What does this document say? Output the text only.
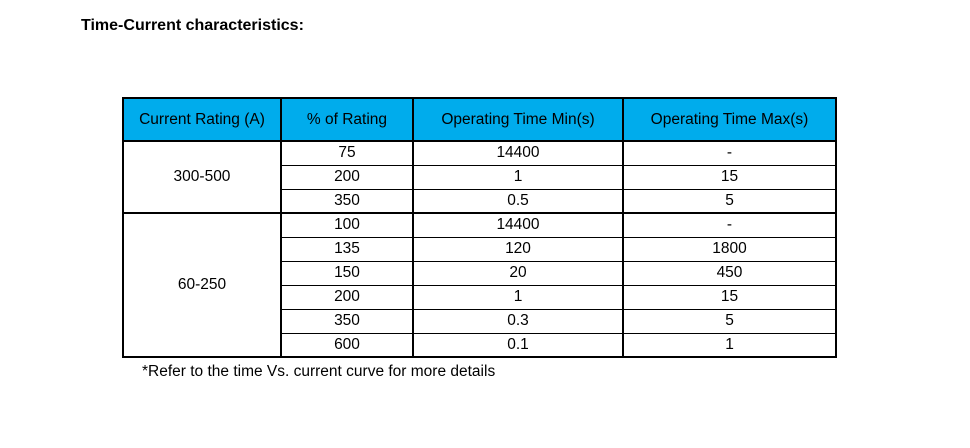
Time-Current characteristics:
Current Rating (A)	% of Rating	Operating Time Min(s)	Operating Time Max(s)
300-500	75	14400	-
	200	1	15
	350	0.5	5
60-250	100	14400	-
	135	120	1800
	150	20	450
	200	1	15
	350	0.3	5
	600	0.1	1
*Refer to the time Vs. current curve for more details
